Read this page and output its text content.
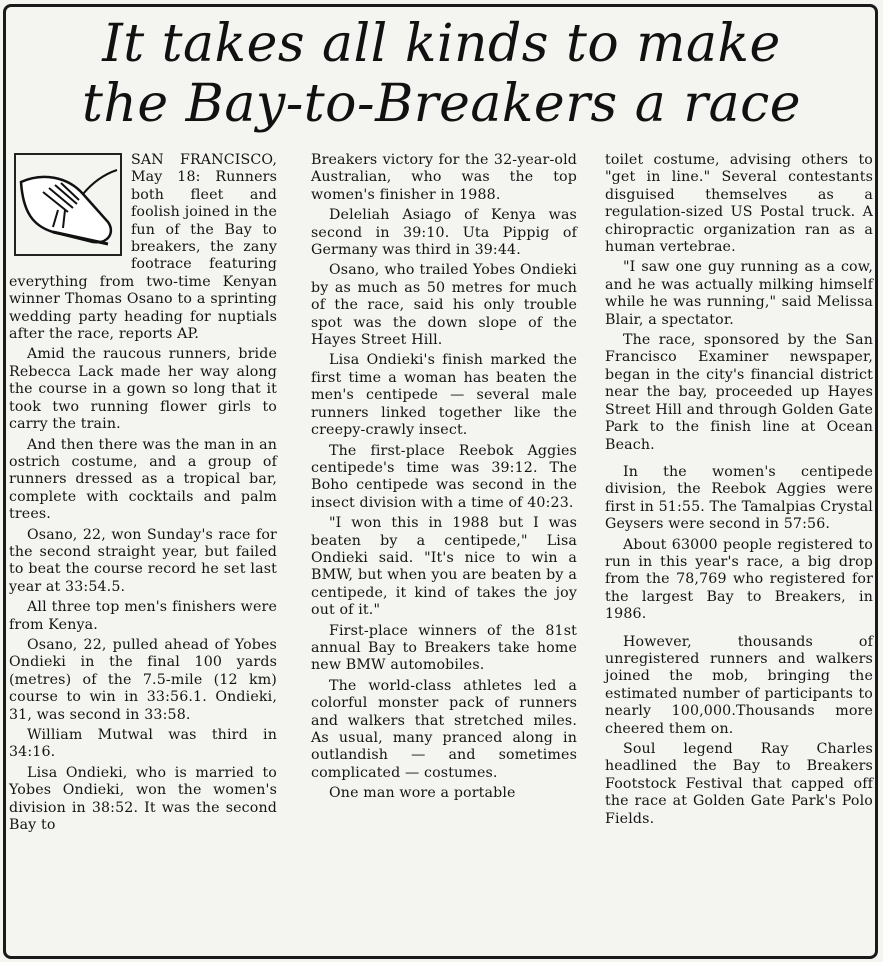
It takes all kinds to make
the Bay-to-Breakers a race

SAN FRANCISCO, May 18: Runners both fleet and foolish joined in the fun of the Bay to breakers, the zany footrace featuring everything from two-time Kenyan winner Thomas Osano to a sprinting wedding party heading for nuptials after the race, reports AP.

Amid the raucous runners, bride Rebecca Lack made her way along the course in a gown so long that it took two running flower girls to carry the train.

And then there was the man in an ostrich costume, and a group of runners dressed as a tropical bar, complete with cocktails and palm trees.

Osano, 22, won Sunday's race for the second straight year, but failed to beat the course record he set last year at 33:54.5.

All three top men's finishers were from Kenya.

Osano, 22, pulled ahead of Yobes Ondieki in the final 100 yards (metres) of the 7.5-mile (12 km) course to win in 33:56.1. Ondieki, 31, was second in 33:58.

William Mutwal was third in 34:16.

Lisa Ondieki, who is married to Yobes Ondieki, won the women's division in 38:52. It was the second Bay to

Breakers victory for the 32-year-old Australian, who was the top women's finisher in 1988.

Deleliah Asiago of Kenya was second in 39:10. Uta Pippig of Germany was third in 39:44.

Osano, who trailed Yobes Ondieki by as much as 50 metres for much of the race, said his only trouble spot was the down slope of the Hayes Street Hill.

Lisa Ondieki's finish marked the first time a woman has beaten the men's centipede — several male runners linked together like the creepy-crawly insect.

The first-place Reebok Aggies centipede's time was 39:12. The Boho centipede was second in the insect division with a time of 40:23.

"I won this in 1988 but I was beaten by a centipede," Lisa Ondieki said. "It's nice to win a BMW, but when you are beaten by a centipede, it kind of takes the joy out of it."

First-place winners of the 81st annual Bay to Breakers take home new BMW automobiles.

The world-class athletes led a colorful monster pack of runners and walkers that stretched miles. As usual, many pranced along in outlandish — and sometimes complicated — costumes.

One man wore a portable

toilet costume, advising others to "get in line." Several contestants disguised themselves as a regulation-sized US Postal truck. A chiropractic organization ran as a human vertebrae.

"I saw one guy running as a cow, and he was actually milking himself while he was running," said Melissa Blair, a spectator.

The race, sponsored by the San Francisco Examiner newspaper, began in the city's financial district near the bay, proceeded up Hayes Street Hill and through Golden Gate Park to the finish line at Ocean Beach.

In the women's centipede division, the Reebok Aggies were first in 51:55. The Tamalpias Crystal Geysers were second in 57:56.

About 63000 people registered to run in this year's race, a big drop from the 78,769 who registered for the largest Bay to Breakers, in 1986.

However, thousands of unregistered runners and walkers joined the mob, bringing the estimated number of participants to nearly 100,000.Thousands more cheered them on.

Soul legend Ray Charles headlined the Bay to Breakers Footstock Festival that capped off the race at Golden Gate Park's Polo Fields.
